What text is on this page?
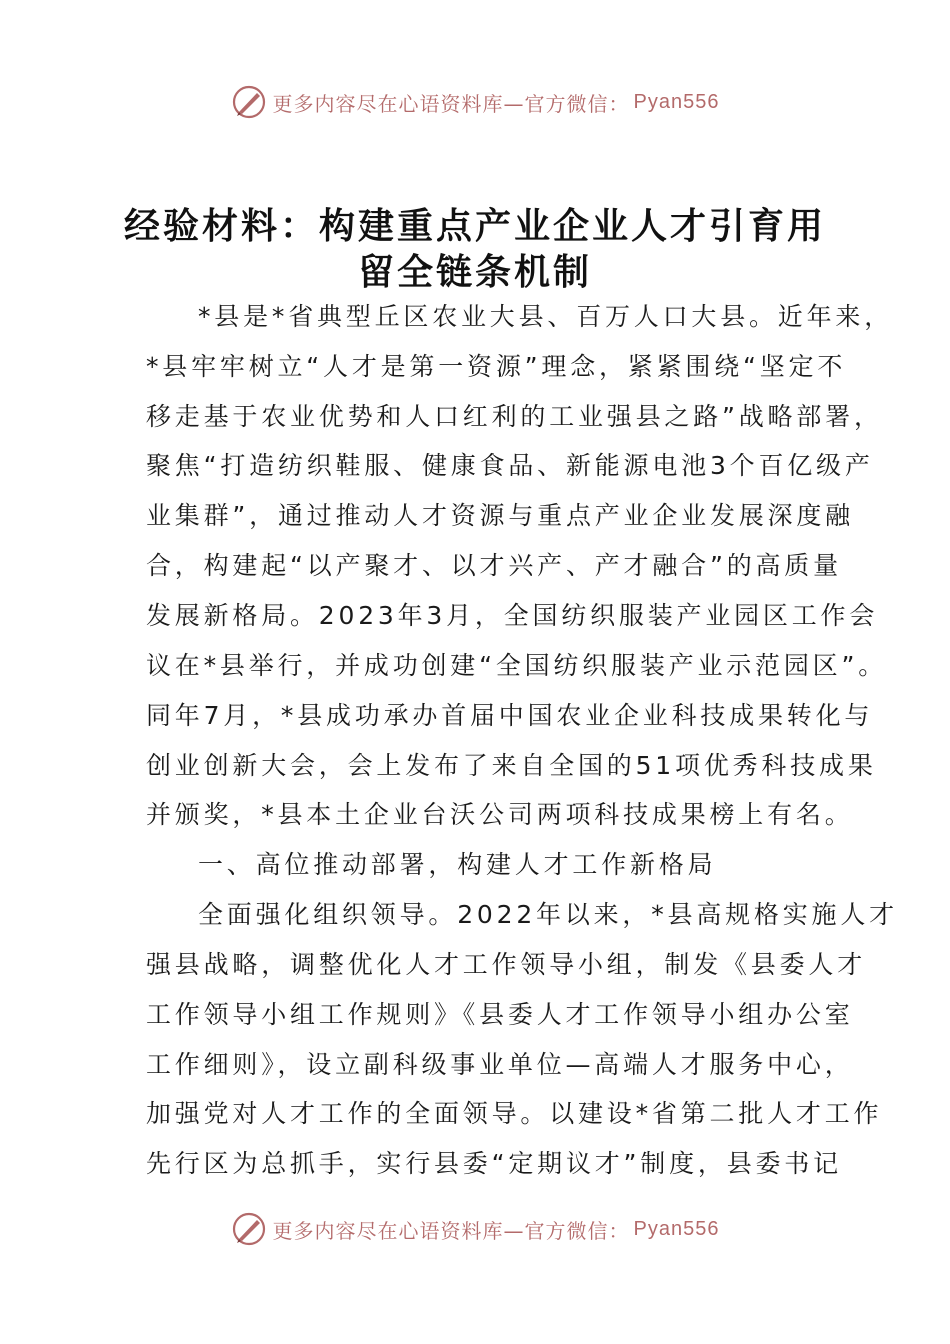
更多内容尽在心语资料库—官方微信： Pyan556
经验材料：构建重点产业企业人才引育用
留全链条机制
*县是*省典型丘区农业大县、百万人口大县。近年来，
*县牢牢树立“人才是第一资源”理念，紧紧围绕“坚定不
移走基于农业优势和人口红利的工业强县之路”战略部署，
聚焦“打造纺织鞋服、健康食品、新能源电池3个百亿级产
业集群”，通过推动人才资源与重点产业企业发展深度融
合，构建起“以产聚才、以才兴产、产才融合”的高质量
发展新格局。2023年3月，全国纺织服装产业园区工作会
议在*县举行，并成功创建“全国纺织服装产业示范园区”。
同年7月，*县成功承办首届中国农业企业科技成果转化与
创业创新大会，会上发布了来自全国的51项优秀科技成果
并颁奖，*县本土企业台沃公司两项科技成果榜上有名。
一、高位推动部署，构建人才工作新格局
全面强化组织领导。2022年以来，*县高规格实施人才
强县战略，调整优化人才工作领导小组，制发《县委人才
工作领导小组工作规则》《县委人才工作领导小组办公室
工作细则》，设立副科级事业单位—高端人才服务中心，
加强党对人才工作的全面领导。以建设*省第二批人才工作
先行区为总抓手，实行县委“定期议才”制度，县委书记
更多内容尽在心语资料库—官方微信： Pyan556
